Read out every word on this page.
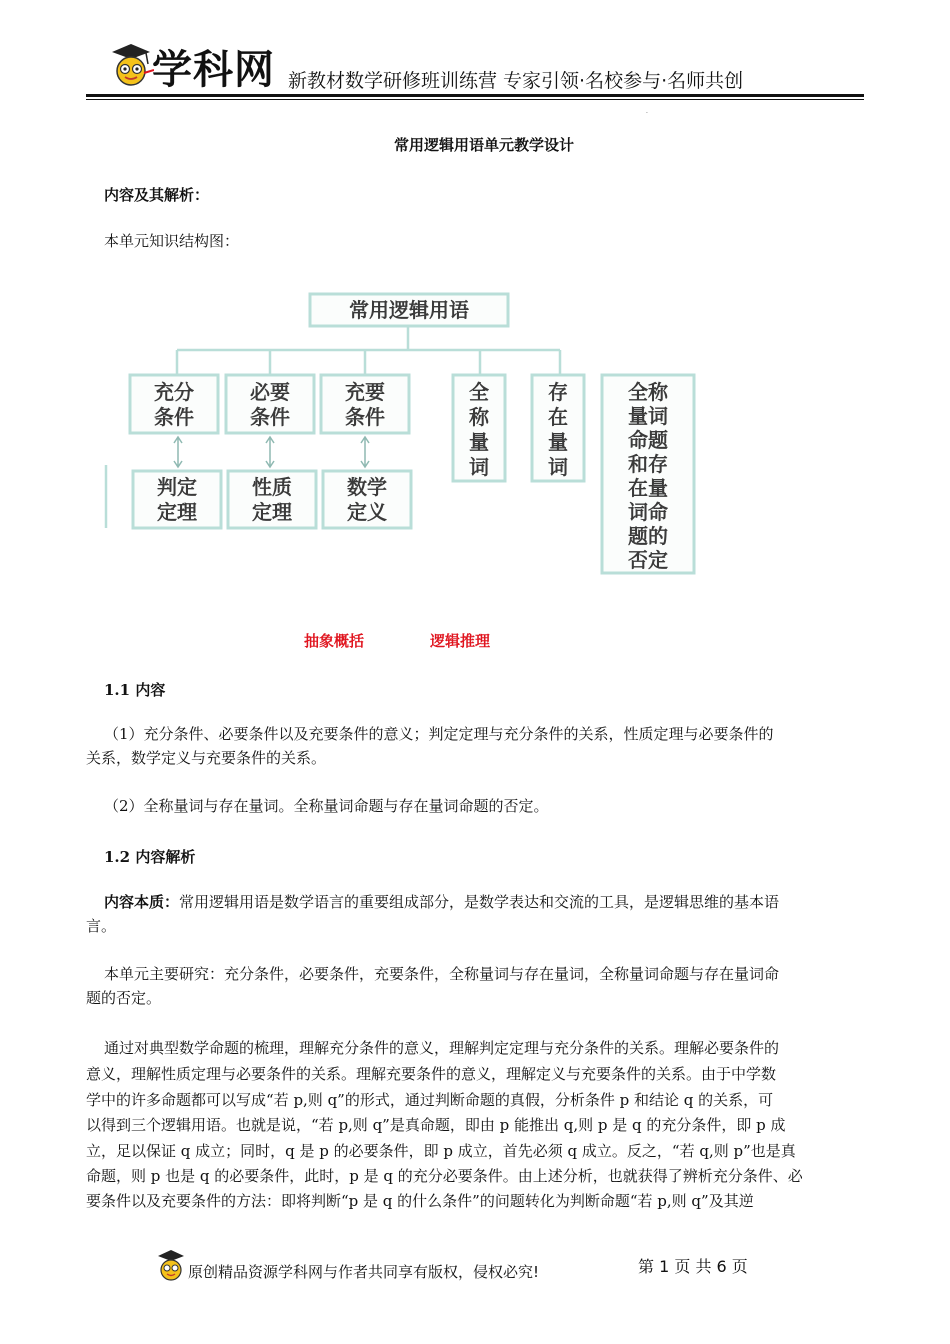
学科网 新教材数学研修班训练营 专家引领·名校参与·名师共创
·
常用逻辑用语单元教学设计
内容及其解析：
本单元知识结构图：
常用逻辑用语
充分
条件
必要
条件
充要
条件
判定
定理
性质
定理
数学
定义
全
称
量
词
存
在
量
词
全称
量词
命题
和存
在量
词命
题的
否定
抽象概括	逻辑推理
1.1 内容
（1）充分条件、必要条件以及充要条件的意义；判定定理与充分条件的关系，性质定理与必要条件的
关系，数学定义与充要条件的关系。
（2）全称量词与存在量词。全称量词命题与存在量词命题的否定。
1.2 内容解析
内容本质：常用逻辑用语是数学语言的重要组成部分，是数学表达和交流的工具，是逻辑思维的基本语
言。
本单元主要研究：充分条件，必要条件，充要条件，全称量词与存在量词，全称量词命题与存在量词命
题的否定。
通过对典型数学命题的梳理，理解充分条件的意义，理解判定定理与充分条件的关系。理解必要条件的
意义，理解性质定理与必要条件的关系。理解充要条件的意义，理解定义与充要条件的关系。由于中学数
学中的许多命题都可以写成“若 p,则 q”的形式，通过判断命题的真假，分析条件 p 和结论 q 的关系，可
以得到三个逻辑用语。也就是说，“若 p,则 q”是真命题，即由 p 能推出 q,则 p 是 q 的充分条件，即 p 成
立，足以保证 q 成立；同时，q 是 p 的必要条件，即 p 成立，首先必须 q 成立。反之，“若 q,则 p”也是真
命题，则 p 也是 q 的必要条件，此时，p 是 q 的充分必要条件。由上述分析，也就获得了辨析充分条件、必
要条件以及充要条件的方法：即将判断“p 是 q 的什么条件”的问题转化为判断命题“若 p,则 q”及其逆
原创精品资源学科网与作者共同享有版权，侵权必究!	第 1 页 共 6 页
